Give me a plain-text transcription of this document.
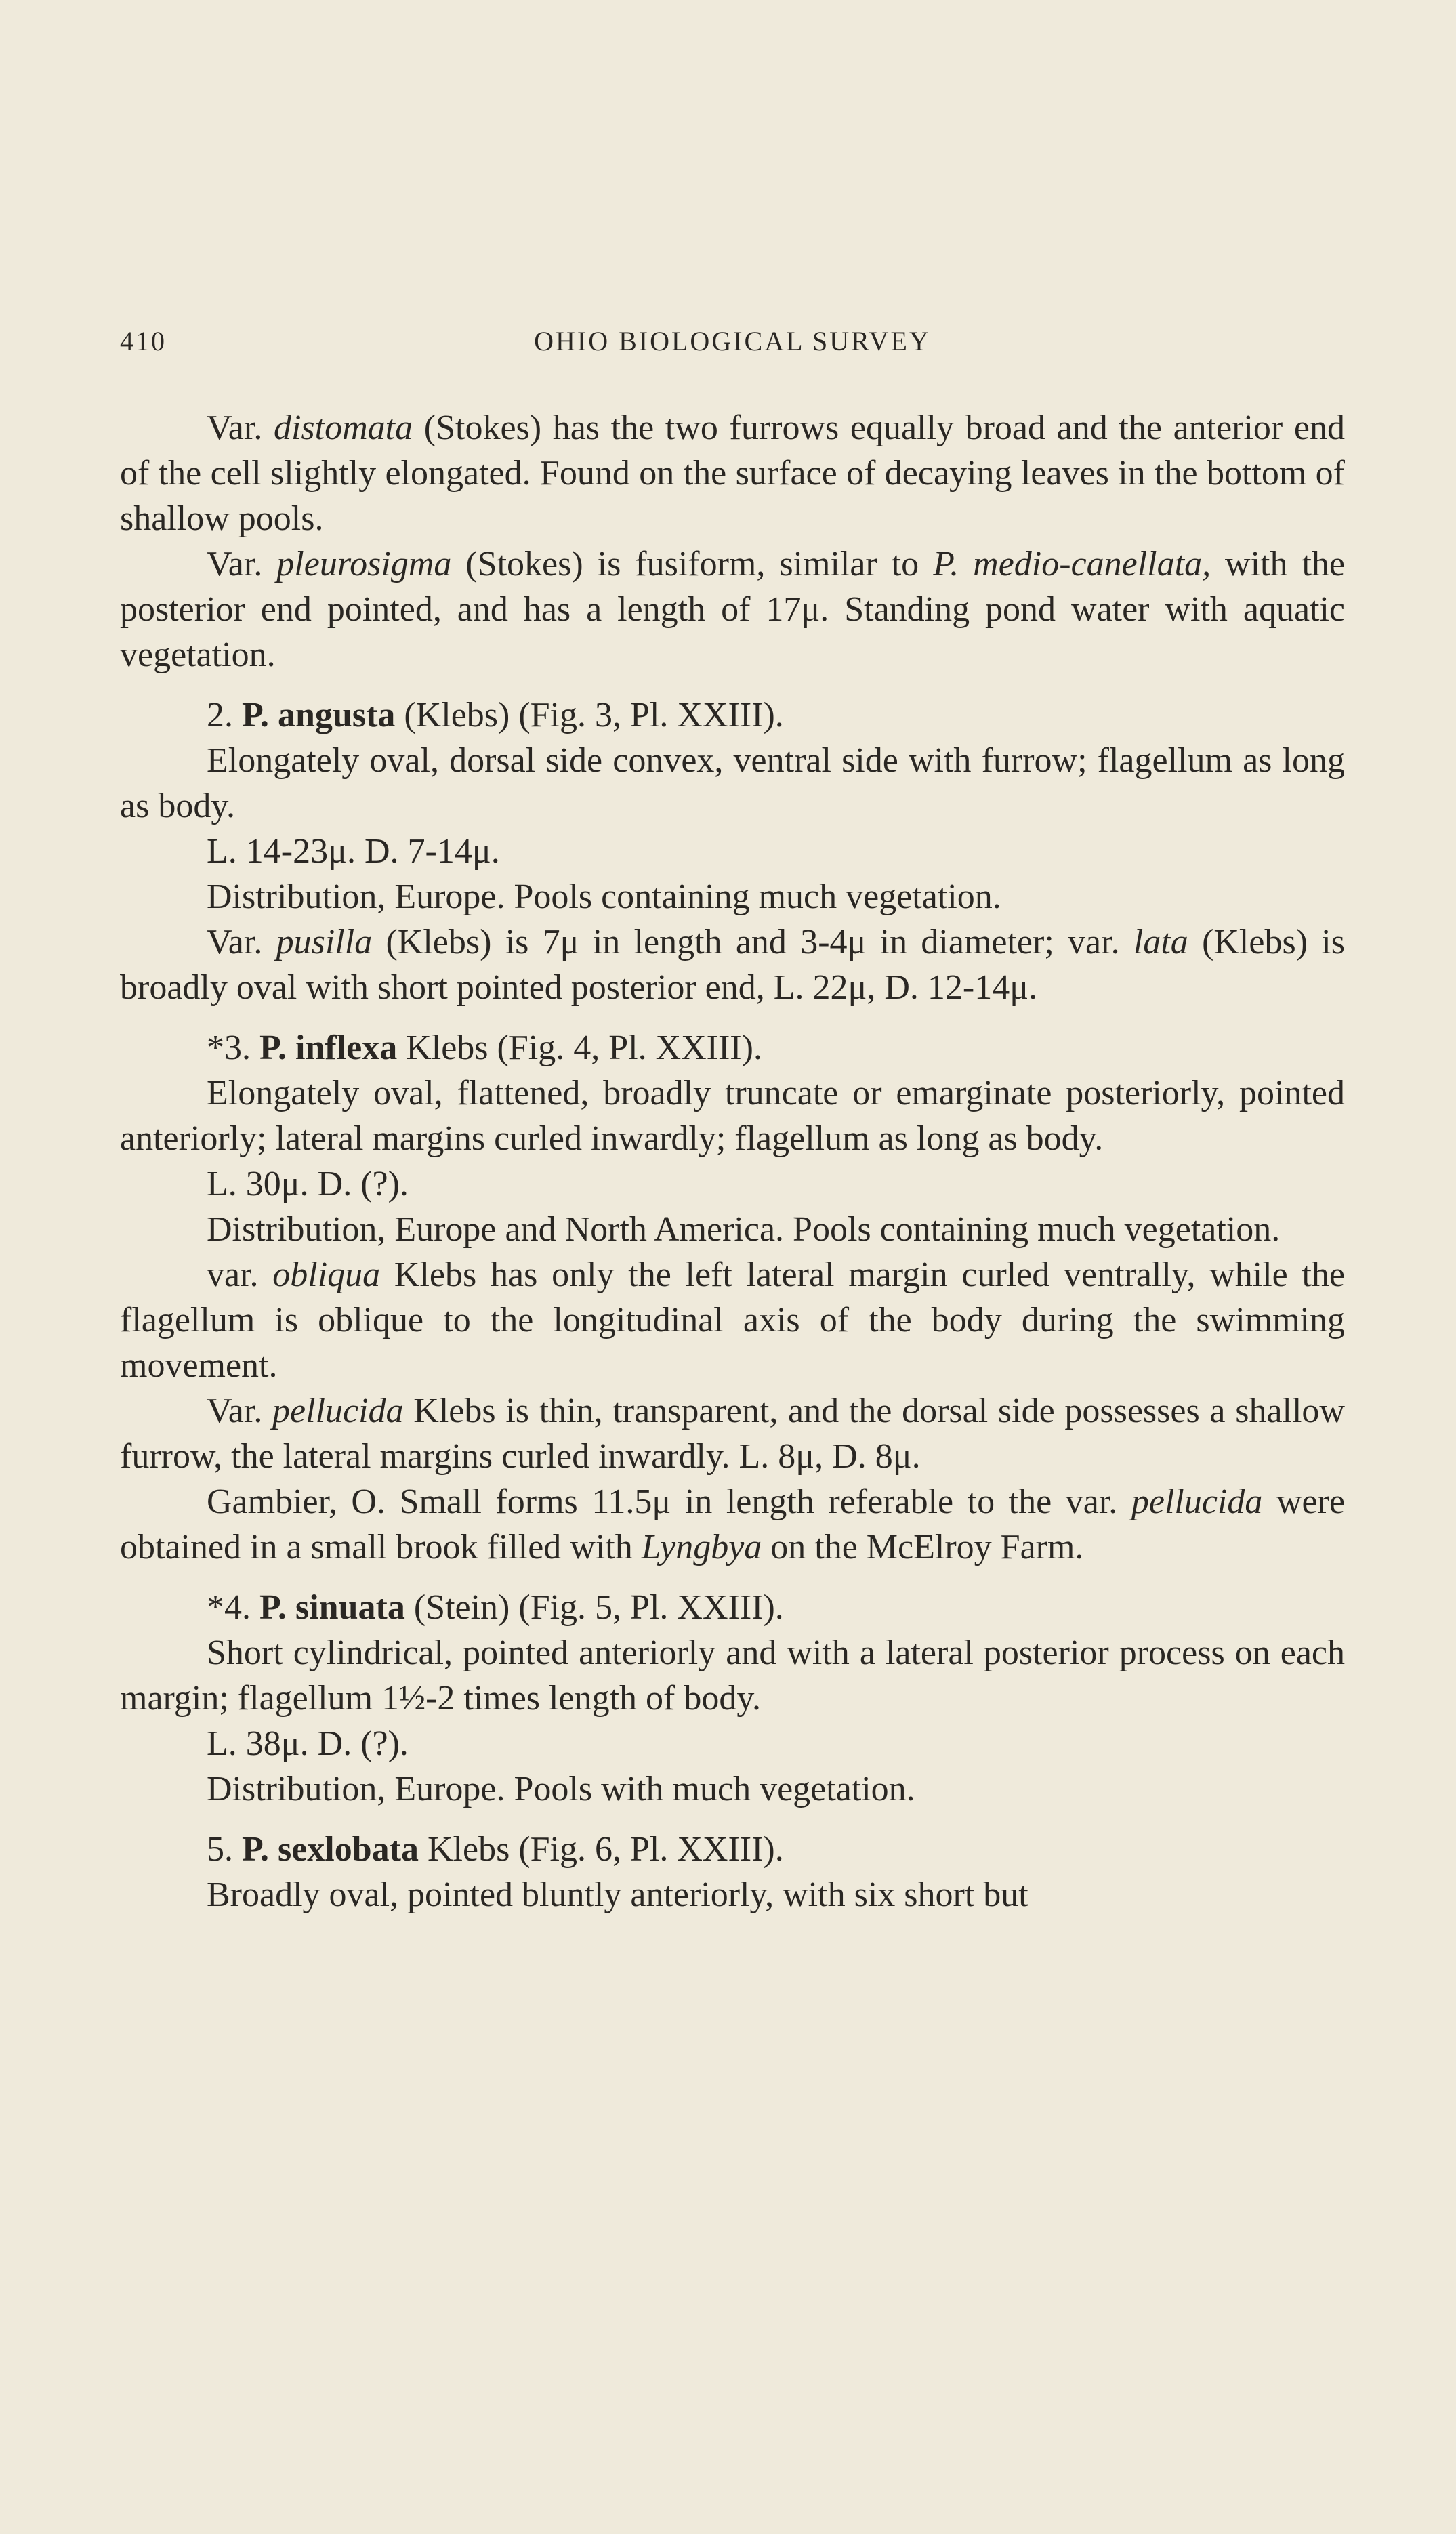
410	OHIO BIOLOGICAL SURVEY

Var. distomata (Stokes) has the two furrows equally broad and the anterior end of the cell slightly elongated. Found on the surface of decaying leaves in the bottom of shallow pools.

Var. pleurosigma (Stokes) is fusiform, similar to P. medio-canellata, with the posterior end pointed, and has a length of 17μ. Standing pond water with aquatic vegetation.

2. P. angusta (Klebs) (Fig. 3, Pl. XXIII).

Elongately oval, dorsal side convex, ventral side with furrow; flagellum as long as body.

L. 14-23μ. D. 7-14μ.

Distribution, Europe. Pools containing much vegetation.

Var. pusilla (Klebs) is 7μ in length and 3-4μ in diameter; var. lata (Klebs) is broadly oval with short pointed posterior end, L. 22μ, D. 12-14μ.

*3. P. inflexa Klebs (Fig. 4, Pl. XXIII).

Elongately oval, flattened, broadly truncate or emarginate posteriorly, pointed anteriorly; lateral margins curled inwardly; flagellum as long as body.

L. 30μ. D. (?).

Distribution, Europe and North America. Pools containing much vegetation.

var. obliqua Klebs has only the left lateral margin curled ventrally, while the flagellum is oblique to the longitudinal axis of the body during the swimming movement.

Var. pellucida Klebs is thin, transparent, and the dorsal side possesses a shallow furrow, the lateral margins curled inwardly. L. 8μ, D. 8μ.

Gambier, O. Small forms 11.5μ in length referable to the var. pellucida were obtained in a small brook filled with Lyngbya on the McElroy Farm.

*4. P. sinuata (Stein) (Fig. 5, Pl. XXIII).

Short cylindrical, pointed anteriorly and with a lateral posterior process on each margin; flagellum 1½-2 times length of body.

L. 38μ. D. (?).

Distribution, Europe. Pools with much vegetation.

5. P. sexlobata Klebs (Fig. 6, Pl. XXIII).

Broadly oval, pointed bluntly anteriorly, with six short but
